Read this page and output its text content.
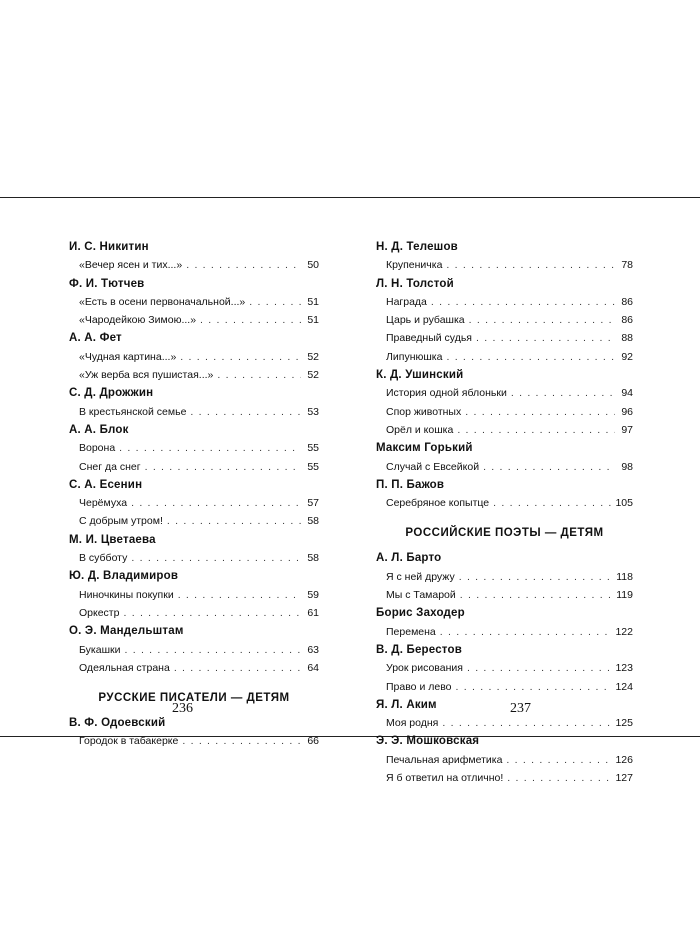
И. С. Никитин
«Вечер ясен и тих...» . . .	50
Ф. И. Тютчев
«Есть в осени первоначальной...» . . .	51
«Чародейкою Зимою...» . . .	51
А. А. Фет
«Чудная картина...» . . .	52
«Уж верба вся пушистая...» . . .	52
С. Д. Дрожжин
В крестьянской семье . . .	53
А. А. Блок
Ворона . . .	55
Снег да снег . . .	55
С. А. Есенин
Черёмуха . . .	57
С добрым утром! . . .	58
М. И. Цветаева
В субботу . . .	58
Ю. Д. Владимиров
Ниночкины покупки . . .	59
Оркестр . . .	61
О. Э. Мандельштам
Букашки . . .	63
Одеяльная страна . . .	64
РУССКИЕ ПИСАТЕЛИ — ДЕТЯМ
В. Ф. Одоевский
Городок в табакерке . . .	66
Н. Д. Телешов
Крупеничка . . .	78
Л. Н. Толстой
Награда . . .	86
Царь и рубашка . . .	86
Праведный судья . . .	88
Липунюшка . . .	92
К. Д. Ушинский
История одной яблоньки . . .	94
Спор животных . . .	96
Орёл и кошка . . .	97
Максим Горький
Случай с Евсейкой . . .	98
П. П. Бажов
Серебряное копытце . . .	105
РОССИЙСКИЕ ПОЭТЫ — ДЕТЯМ
А. Л. Барто
Я с ней дружу . . .	118
Мы с Тамарой . . .	119
Борис Заходер
Перемена . . .	122
В. Д. Берестов
Урок рисования . . .	123
Право и лево . . .	124
Я. Л. Аким
Моя родня . . .	125
Э. Э. Мошковская
Печальная арифметика . . .	126
Я б ответил на отлично! . . .	127
236	237
